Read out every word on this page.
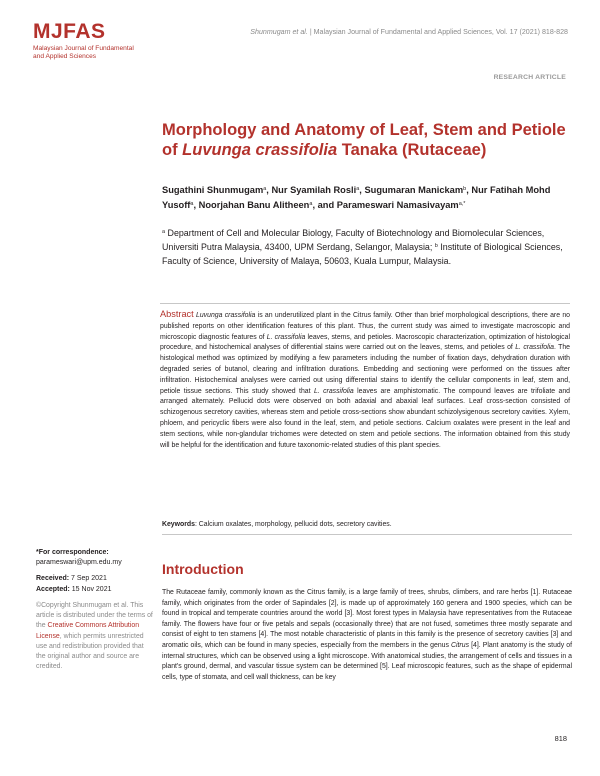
MJFAS
Malaysian Journal of Fundamental and Applied Sciences
Shunmugam et al. | Malaysian Journal of Fundamental and Applied Sciences, Vol. 17 (2021) 818-828
RESEARCH ARTICLE
Morphology and Anatomy of Leaf, Stem and Petiole of Luvunga crassifolia Tanaka (Rutaceae)
Sugathini Shunmugam$^a$, Nur Syamilah Rosli$^a$, Sugumaran Manickam$^b$, Nur Fatihah Mohd Yusoff$^a$, Noorjahan Banu Alitheen$^a$, and Parameswari Namasivayam$^{a,*}$
$^a$ Department of Cell and Molecular Biology, Faculty of Biotechnology and Biomolecular Sciences, Universiti Putra Malaysia, 43400, UPM Serdang, Selangor, Malaysia; $^b$ Institute of Biological Sciences, Faculty of Science, University of Malaya, 50603, Kuala Lumpur, Malaysia.
Abstract Luvunga crassifolia is an underutilized plant in the Citrus family. Other than brief morphological descriptions, there are no published reports on other identification features of this plant. Thus, the current study was aimed to investigate macroscopic and microscopic diagnostic features of L. crassifolia leaves, stems, and petioles. Macroscopic characterization, optimization of histological procedure, and histochemical analyses of differential stains were carried out on the leaves, stems, and petioles of L. crassifolia. The histological method was optimized by modifying a few parameters including the number of fixation days, dehydration duration with degraded series of butanol, clearing and infiltration durations. Embedding and sectioning were performed on the tissues after infiltration. Histochemical analyses were carried out using differential stains to identify the cellular components in leaf, stem and, petiole tissue sections. This study showed that L. crassifolia leaves are amphistomatic. The compound leaves are trifoliate and arranged alternately. Pellucid dots were observed on both adaxial and abaxial leaf surfaces. Leaf cross-section consisted of schizogenous secretory cavities, whereas stem and petiole cross-sections show abundant schizolysigenous secretory cavities. Xylem, phloem, and pericyclic fibers were also found in the leaf, stem, and petiole sections. Calcium oxalates were present in the leaf and stem sections, while non-glandular trichomes were detected on stem and petiole sections. The information obtained from this study will be helpful for the identification and future taxonomic-related studies of this plant species.
Keywords: Calcium oxalates, morphology, pellucid dots, secretory cavities.
*For correspondence:
parameswari@upm.edu.my
Received: 7 Sep 2021
Accepted: 15 Nov 2021
©Copyright Shunmugam et al. This article is distributed under the terms of the Creative Commons Attribution License, which permits unrestricted use and redistribution provided that the original author and source are credited.
Introduction
The Rutaceae family, commonly known as the Citrus family, is a large family of trees, shrubs, climbers, and rare herbs [1]. Rutaceae family, which originates from the order of Sapindales [2], is made up of approximately 160 genera and 1900 species, which can be found in tropical and temperate countries around the world [3]. Most forest types in Malaysia have representatives from the Rutaceae family. The flowers have four or five petals and sepals (occasionally three) that are not fused, sometimes three mostly separate and consist of eight to ten stamens [4]. The most notable characteristic of plants in this family is the presence of secretory cavities [3] and aromatic oils, which can be found in many species, especially from the members in the genus Citrus [4]. Plant anatomy is the study of internal structures, which can be observed using a light microscope. With anatomical studies, the arrangement of cells and tissues in a plant's ground, dermal, and vascular tissue system can be determined [5]. Leaf microscopic features, such as the shape of epidermal cells, type of stomata, and cell wall thickness, can be key
818
